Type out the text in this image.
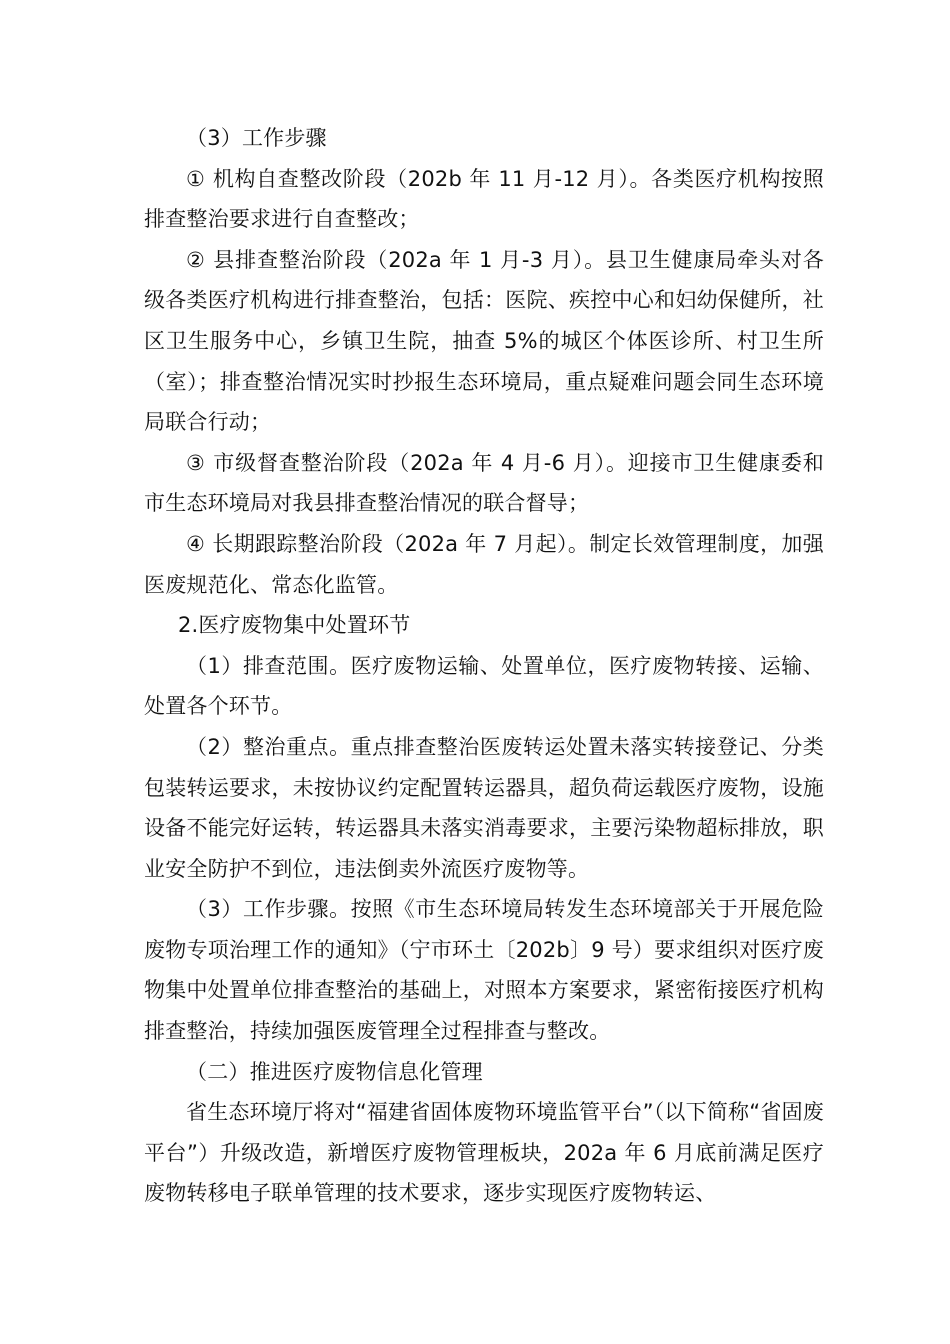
（3）工作步骤

① 机构自查整改阶段（202b 年 11 月-12 月）。各类医疗机构按照排查整治要求进行自查整改；

② 县排查整治阶段（202a 年 1 月-3 月）。县卫生健康局牵头对各级各类医疗机构进行排查整治，包括：医院、疾控中心和妇幼保健所，社区卫生服务中心，乡镇卫生院，抽查 5%的城区个体医诊所、村卫生所（室）；排查整治情况实时抄报生态环境局，重点疑难问题会同生态环境局联合行动；

③ 市级督查整治阶段（202a 年 4 月-6 月）。迎接市卫生健康委和市生态环境局对我县排查整治情况的联合督导；

④ 长期跟踪整治阶段（202a 年 7 月起）。制定长效管理制度，加强医废规范化、常态化监管。

2.医疗废物集中处置环节

（1）排查范围。医疗废物运输、处置单位，医疗废物转接、运输、处置各个环节。

（2）整治重点。重点排查整治医废转运处置未落实转接登记、分类包装转运要求，未按协议约定配置转运器具，超负荷运载医疗废物，设施设备不能完好运转，转运器具未落实消毒要求，主要污染物超标排放，职业安全防护不到位，违法倒卖外流医疗废物等。

（3）工作步骤。按照《市生态环境局转发生态环境部关于开展危险废物专项治理工作的通知》（宁市环土〔202b〕9 号）要求组织对医疗废物集中处置单位排查整治的基础上，对照本方案要求，紧密衔接医疗机构排查整治，持续加强医废管理全过程排查与整改。

（二）推进医疗废物信息化管理

省生态环境厅将对“福建省固体废物环境监管平台”（以下简称“省固废平台”）升级改造，新增医疗废物管理板块，202a 年 6 月底前满足医疗废物转移电子联单管理的技术要求，逐步实现医疗废物转运、
